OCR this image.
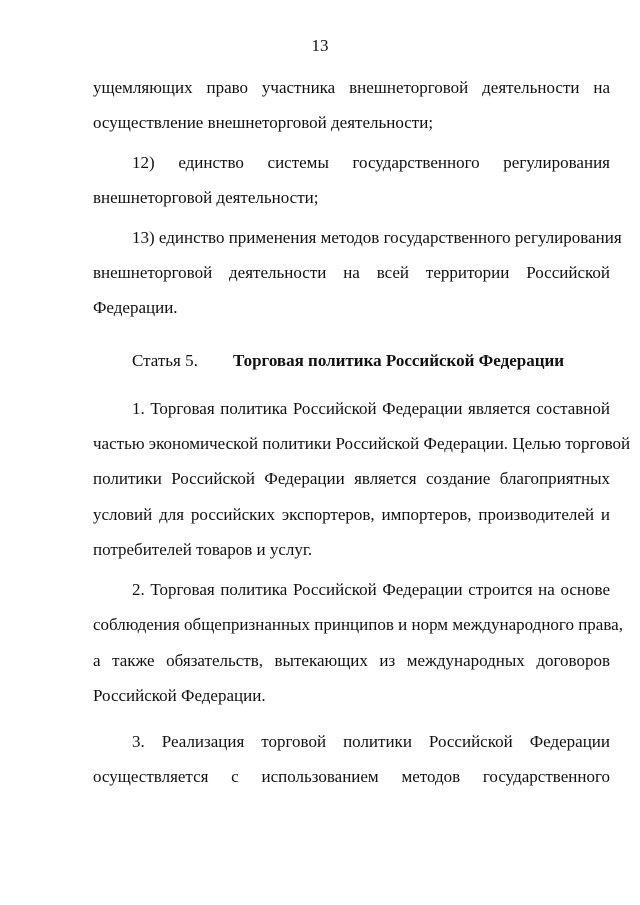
13
ущемляющих право участника внешнеторговой деятельности на
осуществление внешнеторговой деятельности;
12) единство системы государственного регулирования
внешнеторговой деятельности;
13) единство применения методов государственного регулирования
внешнеторговой деятельности на всей территории Российской
Федерации.
Статья 5. Торговая политика Российской Федерации
1. Торговая политика Российской Федерации является составной
частью экономической политики Российской Федерации. Целью торговой
политики Российской Федерации является создание благоприятных
условий для российских экспортеров, импортеров, производителей и
потребителей товаров и услуг.
2. Торговая политика Российской Федерации строится на основе
соблюдения общепризнанных принципов и норм международного права,
а также обязательств, вытекающих из международных договоров
Российской Федерации.
3. Реализация торговой политики Российской Федерации
осуществляется с использованием методов государственного
